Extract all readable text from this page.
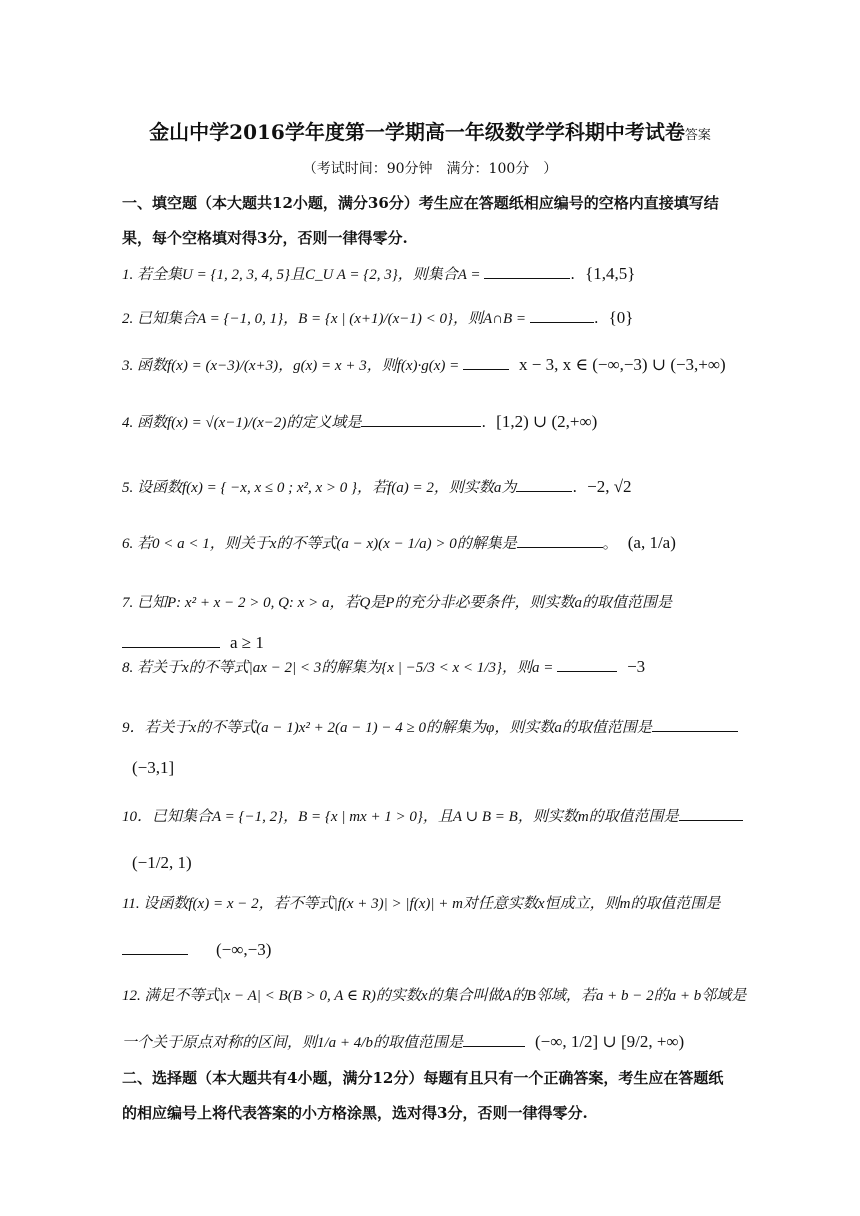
金山中学2016学年度第一学期高一年级数学学科期中考试卷答案
（考试时间：90分钟　满分：100分　）
一、填空题（本大题共12小题，满分36分）考生应在答题纸相应编号的空格内直接填写结
果，每个空格填对得3分，否则一律得零分.
1. 若全集U = {1, 2, 3, 4, 5}且C_U A = {2, 3}，则集合A =	. {1,4,5}
2. 已知集合A = {−1, 0, 1}，B = {x | (x+1)/(x−1) < 0}，则A∩B =	. {0}
3. 函数f(x) = (x−3)/(x+3)，g(x) = x + 3，则f(x)·g(x) =	x − 3, x ∈ (−∞,−3) ∪ (−3,+∞)
4. 函数f(x) = √(x−1)/(x−2)的定义域是	. [1,2) ∪ (2,+∞)
5. 设函数f(x) = { −x, x ≤ 0 ; x², x > 0 }，若f(a) = 2，则实数a为	. −2, √2
6. 若0 < a < 1，则关于x的不等式(a − x)(x − 1/a) > 0的解集是	。 (a, 1/a)
7. 已知P: x² + x − 2 > 0, Q: x > a，若Q是P的充分非必要条件，则实数a的取值范围是a ≥ 1
8. 若关于x的不等式|ax − 2| < 3的解集为{x | −5/3 < x < 1/3}，则a =	−3
9．若关于x的不等式(a − 1)x² + 2(a − 1) − 4 ≥ 0的解集为φ，则实数a的取值范围是(−3,1]
10．已知集合A = {−1, 2}，B = {x | mx + 1 > 0}，且A ∪ B = B，则实数m的取值范围是(−1/2, 1)
11. 设函数f(x) = x − 2，若不等式|f(x + 3)| > |f(x)| + m对任意实数x恒成立，则m的取值范围是(−∞,−3)
12. 满足不等式|x − A| < B(B > 0, A ∈ R)的实数x的集合叫做A的B邻域，若a + b − 2的a + b邻域是一个关于原点对称的区间，则1/a + 4/b的取值范围是	(−∞, 1/2] ∪ [9/2, +∞)
二、选择题（本大题共有4小题，满分12分）每题有且只有一个正确答案，考生应在答题纸
的相应编号上将代表答案的小方格涂黑，选对得3分，否则一律得零分.
